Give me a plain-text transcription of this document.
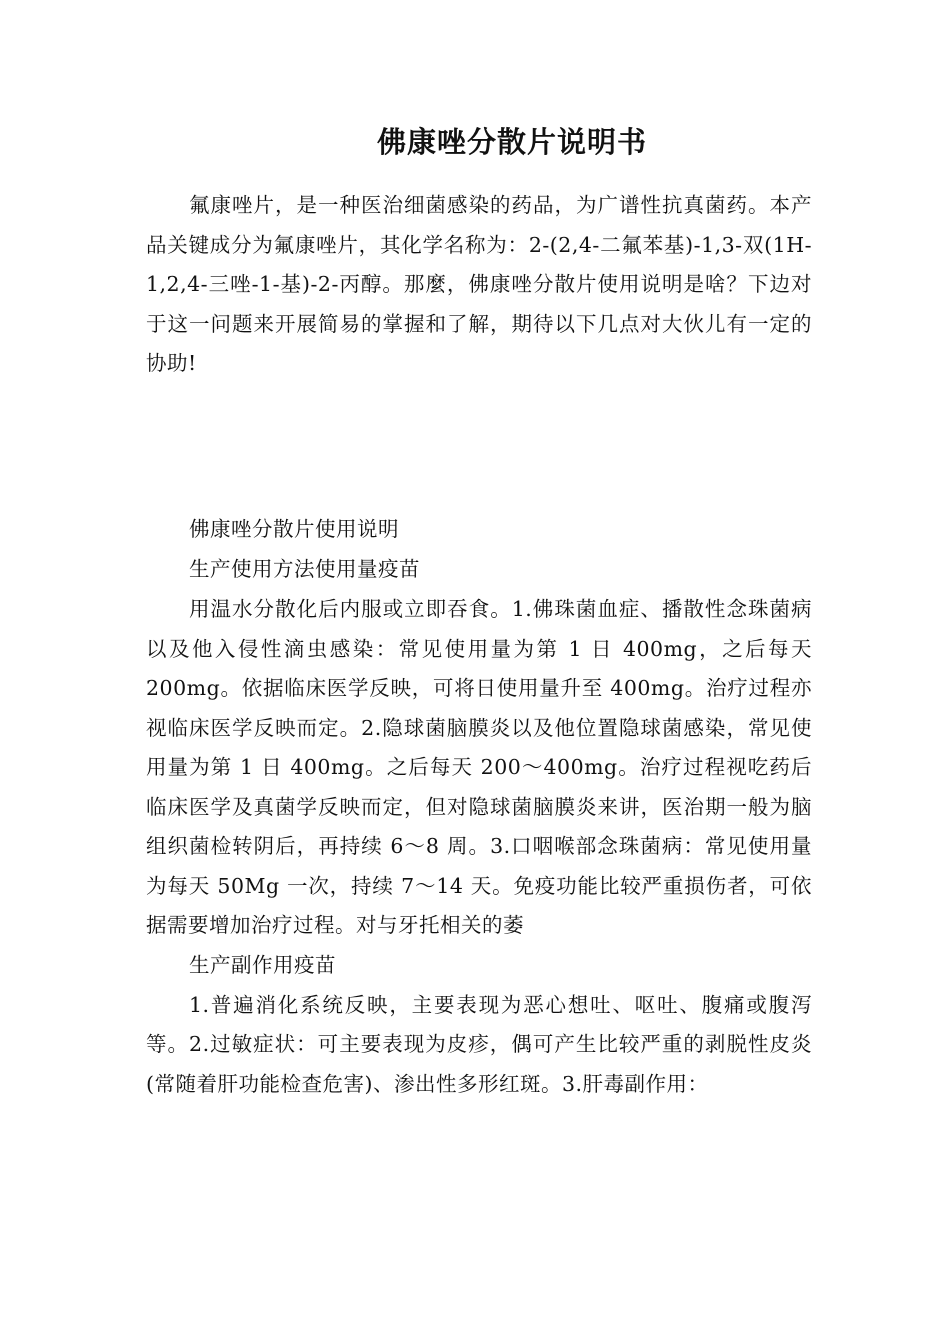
佛康唑分散片说明书

氟康唑片，是一种医治细菌感染的药品，为广谱性抗真菌药。本产品关键成分为氟康唑片，其化学名称为：2-(2,4-二氟苯基)-1,3-双(1H-1,2,4-三唑-1-基)-2-丙醇。那麼，佛康唑分散片使用说明是啥？下边对于这一问题来开展简易的掌握和了解，期待以下几点对大伙儿有一定的协助!

佛康唑分散片使用说明

生产使用方法使用量疫苗

用温水分散化后内服或立即吞食。1.佛珠菌血症、播散性念珠菌病以及他入侵性滴虫感染：常见使用量为第 1 日 400mg，之后每天 200mg。依据临床医学反映，可将日使用量升至 400mg。治疗过程亦视临床医学反映而定。2.隐球菌脑膜炎以及他位置隐球菌感染，常见使用量为第 1 日 400mg。之后每天 200～400mg。治疗过程视吃药后临床医学及真菌学反映而定，但对隐球菌脑膜炎来讲，医治期一般为脑组织菌检转阴后，再持续 6～8 周。3.口咽喉部念珠菌病：常见使用量为每天 50Mg 一次，持续 7～14 天。免疫功能比较严重损伤者，可依据需要增加治疗过程。对与牙托相关的萎

生产副作用疫苗

1.普遍消化系统反映，主要表现为恶心想吐、呕吐、腹痛或腹泻等。2.过敏症状：可主要表现为皮疹，偶可产生比较严重的剥脱性皮炎(常随着肝功能检查危害)、渗出性多形红斑。3.肝毒副作用：
